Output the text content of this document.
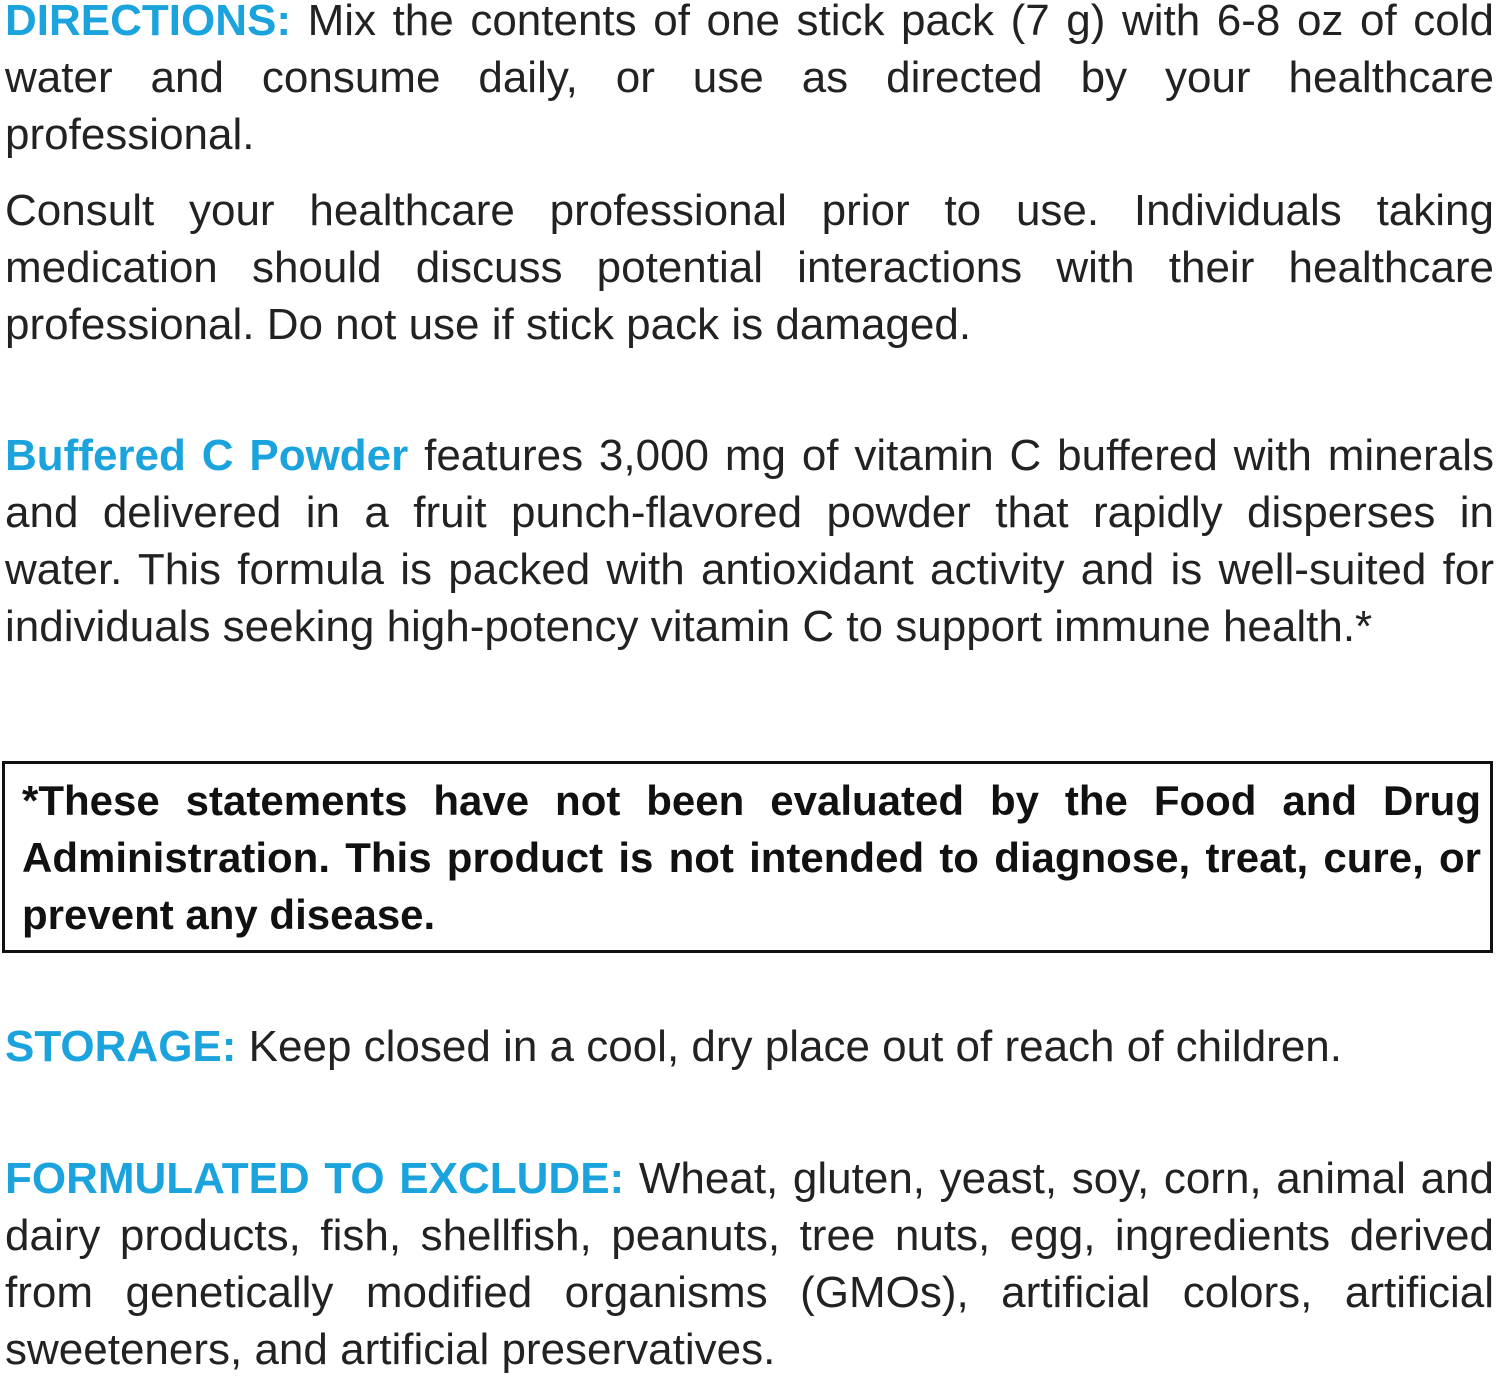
DIRECTIONS: Mix the contents of one stick pack (7 g) with 6-8 oz of cold water and consume daily, or use as directed by your healthcare professional.

Consult your healthcare professional prior to use. Individuals taking medication should discuss potential interactions with their healthcare professional. Do not use if stick pack is damaged.

Buffered C Powder features 3,000 mg of vitamin C buffered with minerals and delivered in a fruit punch-flavored powder that rapidly disperses in water. This formula is packed with antioxidant activity and is well-suited for individuals seeking high-potency vitamin C to support immune health.*

*These statements have not been evaluated by the Food and Drug Administration. This product is not intended to diagnose, treat, cure, or prevent any disease.

STORAGE: Keep closed in a cool, dry place out of reach of children.

FORMULATED TO EXCLUDE: Wheat, gluten, yeast, soy, corn, animal and dairy products, fish, shellfish, peanuts, tree nuts, egg, ingredients derived from genetically modified organisms (GMOs), artificial colors, artificial sweeteners, and artificial preservatives.
